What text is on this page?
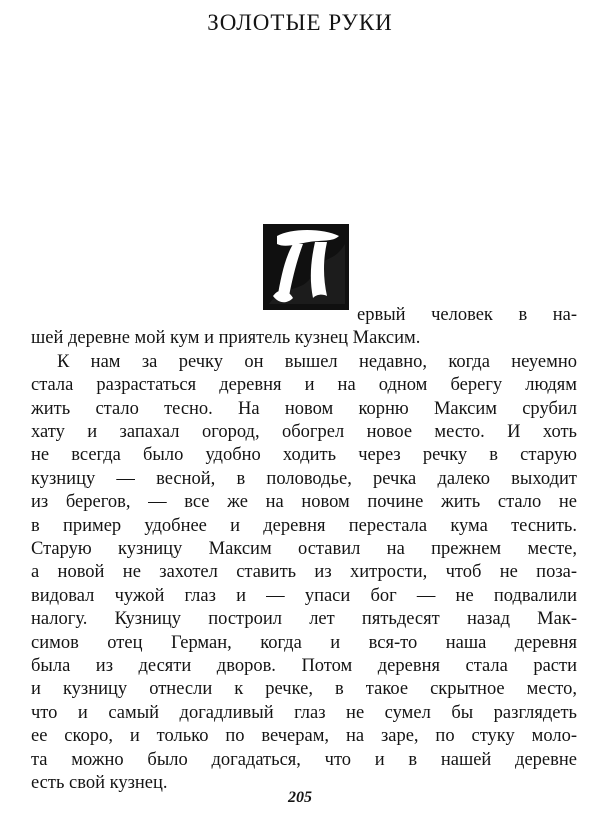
ЗОЛОТЫЕ РУКИ
ервый человек в на-
шей деревне мой кум и приятель кузнец Максим.
К нам за речку он вышел недавно, когда неуемно
стала разрастаться деревня и на одном берегу людям
жить стало тесно. На новом корню Максим срубил
хату и запахал огород, обогрел новое место. И хоть
не всегда было удобно ходить через речку в старую
кузницу — весной, в половодье, речка далеко выходит
из берегов, — все же на новом почине жить стало не
в пример удобнее и деревня перестала кума теснить.
Старую кузницу Максим оставил на прежнем месте,
а новой не захотел ставить из хитрости, чтоб не поза-
видовал чужой глаз и — упаси бог — не подвалили
налогу. Кузницу построил лет пятьдесят назад Мак-
симов отец Герман, когда и вся-то наша деревня
была из десяти дворов. Потом деревня стала расти
и кузницу отнесли к речке, в такое скрытное место,
что и самый догадливый глаз не сумел бы разглядеть
ее скоро, и только по вечерам, на заре, по стуку моло-
та можно было догадаться, что и в нашей деревне
205
есть свой кузнец.
